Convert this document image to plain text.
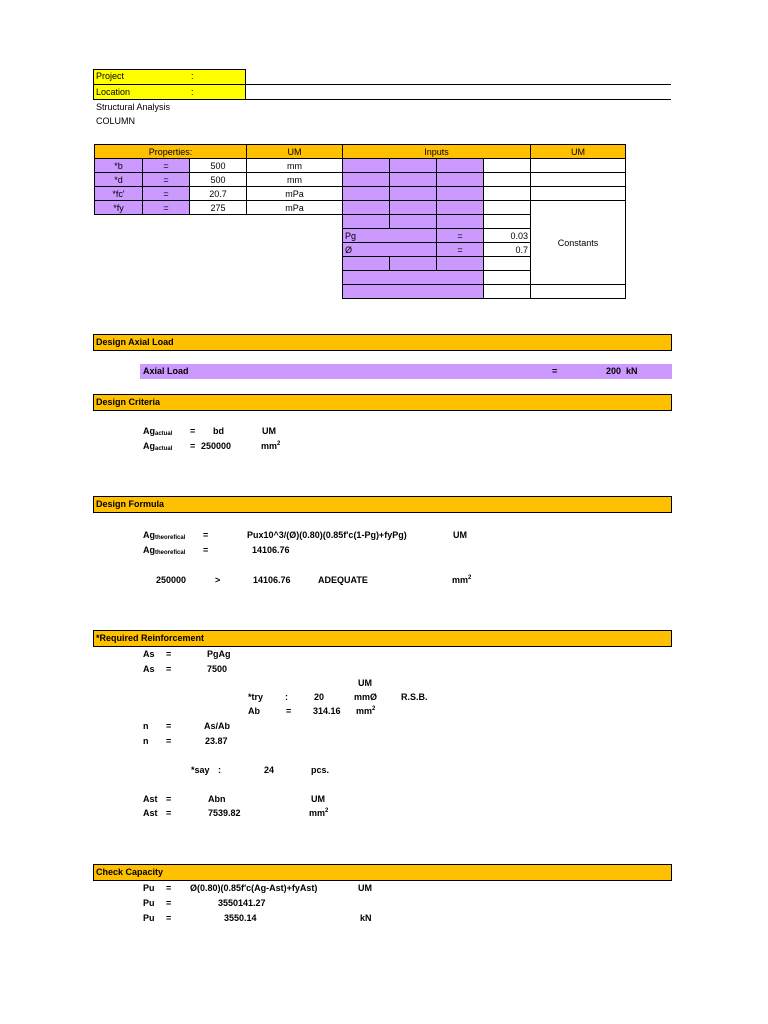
Project	:
Location	:
Structural Analysis
COLUMN
Properties:			UM	Inputs				UM
*b	=	500	mm					
*d	=	500	mm					
*fc'	=	20.7	mPa					
*fy	=	275	mPa					Constants

				Pg		=	0.03	
				Ø		=	0.7	

Design Axial Load
Axial Load	=	200 kN
Design Criteria
$Ag_{actual}$ = bd	UM
$Ag_{actual} = 250000$	$mm^2$
Design Formula
$Ag_{theorefical}$ =	Pux10^3/(Ø)(0.80)(0.85f'c(1-Pg)+fyPg)	UM
$Ag_{theorefical}$ =	14106.76
250000	>	14106.76	ADEQUATE	$mm^2$
*Required Reinforcement
As =	PgAg
As =	7500
UM
*try :	20	mmØ	R.S.B.
Ab	= 314.16 $mm^2$
n =	As/Ab
n =	23.87
*say :	24	pcs.
Ast =	Abn	UM
Ast =	7539.82	$mm^2$
Check Capacity
Pu = Ø(0.80)(0.85f'c(Ag-Ast)+fyAst)	UM
Pu =	3550141.27
Pu =	3550.14	kN
